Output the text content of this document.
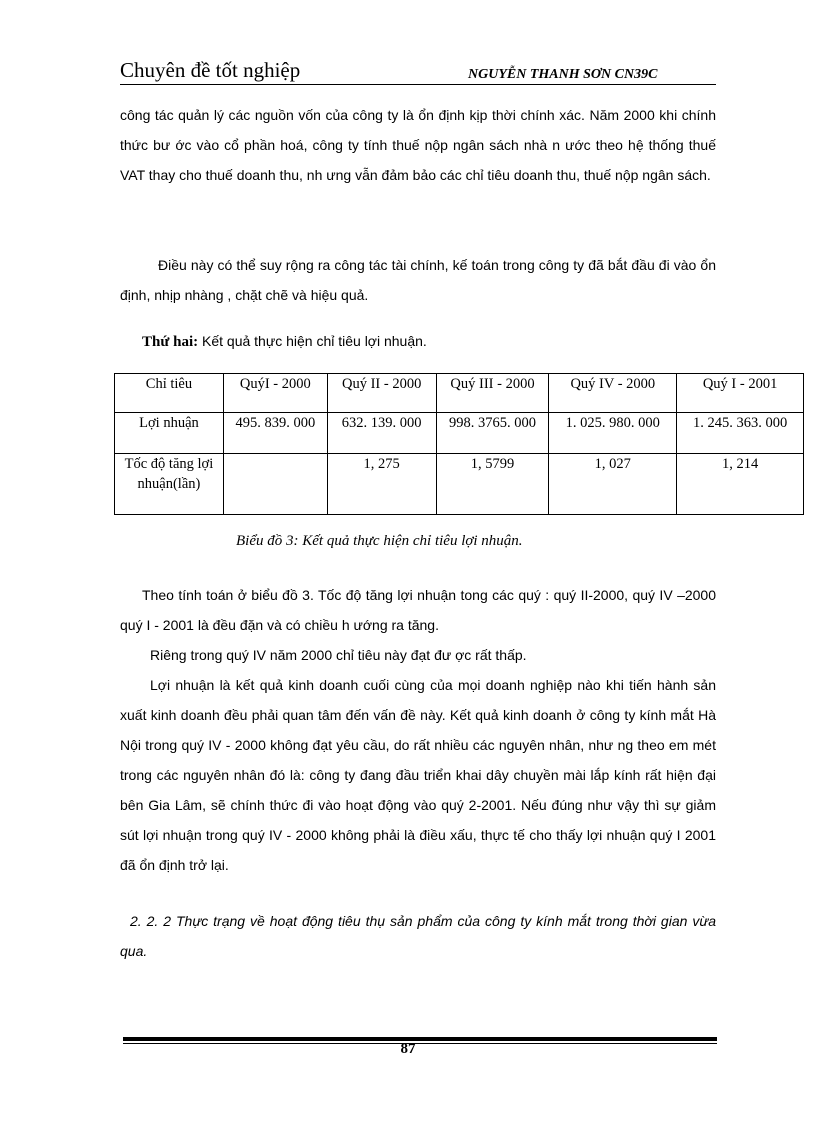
Chuyên đề tốt nghiệp	NGUYỄN THANH SƠN CN39C

công tác quản lý các nguồn vốn của công ty là ổn định kịp thời chính xác. Năm 2000 khi chính thức bư ớc vào cổ phần hoá, công ty tính thuế nộp ngân sách nhà n ước theo hệ thống thuế VAT thay cho thuế doanh thu, nh ưng vẫn đảm bảo các chỉ tiêu doanh thu, thuế nộp ngân sách.

Điều này có thể suy rộng ra công tác tài chính, kế toán trong công ty đã bắt đầu đi vào ổn định, nhịp nhàng , chặt chẽ và hiệu quả.

Thứ hai: Kết quả thực hiện chỉ tiêu lợi nhuận.

Chỉ tiêu	QuýI - 2000	Quý II - 2000	Quý III - 2000	Quý IV - 2000	Quý I - 2001
Lợi nhuận	495. 839. 000	632. 139. 000	998. 3765. 000	1. 025. 980. 000	1. 245. 363. 000
Tốc độ tăng lợi nhuận(lần)		1, 275	1, 5799	1, 027	1, 214
Biểu đồ 3: Kết quả thực hiện chỉ tiêu lợi nhuận.

Theo tính toán ở biểu đồ 3. Tốc độ tăng lợi nhuận tong các quý : quý II-2000, quý IV –2000 quý I - 2001 là đều đặn và có chiều h ướng ra tăng.

Riêng trong quý IV năm 2000 chỉ tiêu này đạt đư ợc rất thấp.

Lợi nhuận là kết quả kinh doanh cuối cùng của mọi doanh nghiệp nào khi tiến hành sản xuất kinh doanh đều phải quan tâm đến vấn đề này. Kết quả kinh doanh ở công ty kính mắt Hà Nội trong quý IV - 2000 không đạt yêu cầu, do rất nhiều các nguyên nhân, như ng theo em mét trong các nguyên nhân đó là: công ty đang đầu triển khai dây chuyền mài lắp kính rất hiện đại bên Gia Lâm, sẽ chính thức đi vào hoạt động vào quý 2-2001. Nếu đúng như vậy thì sự giảm sút lợi nhuận trong quý IV - 2000 không phải là điều xấu, thực tế cho thấy lợi nhuận quý I 2001 đã ổn định trở lại.

2. 2. 2 Thực trạng về hoạt động tiêu thụ sản phẩm của công ty kính mắt trong thời gian vừa qua.

87
